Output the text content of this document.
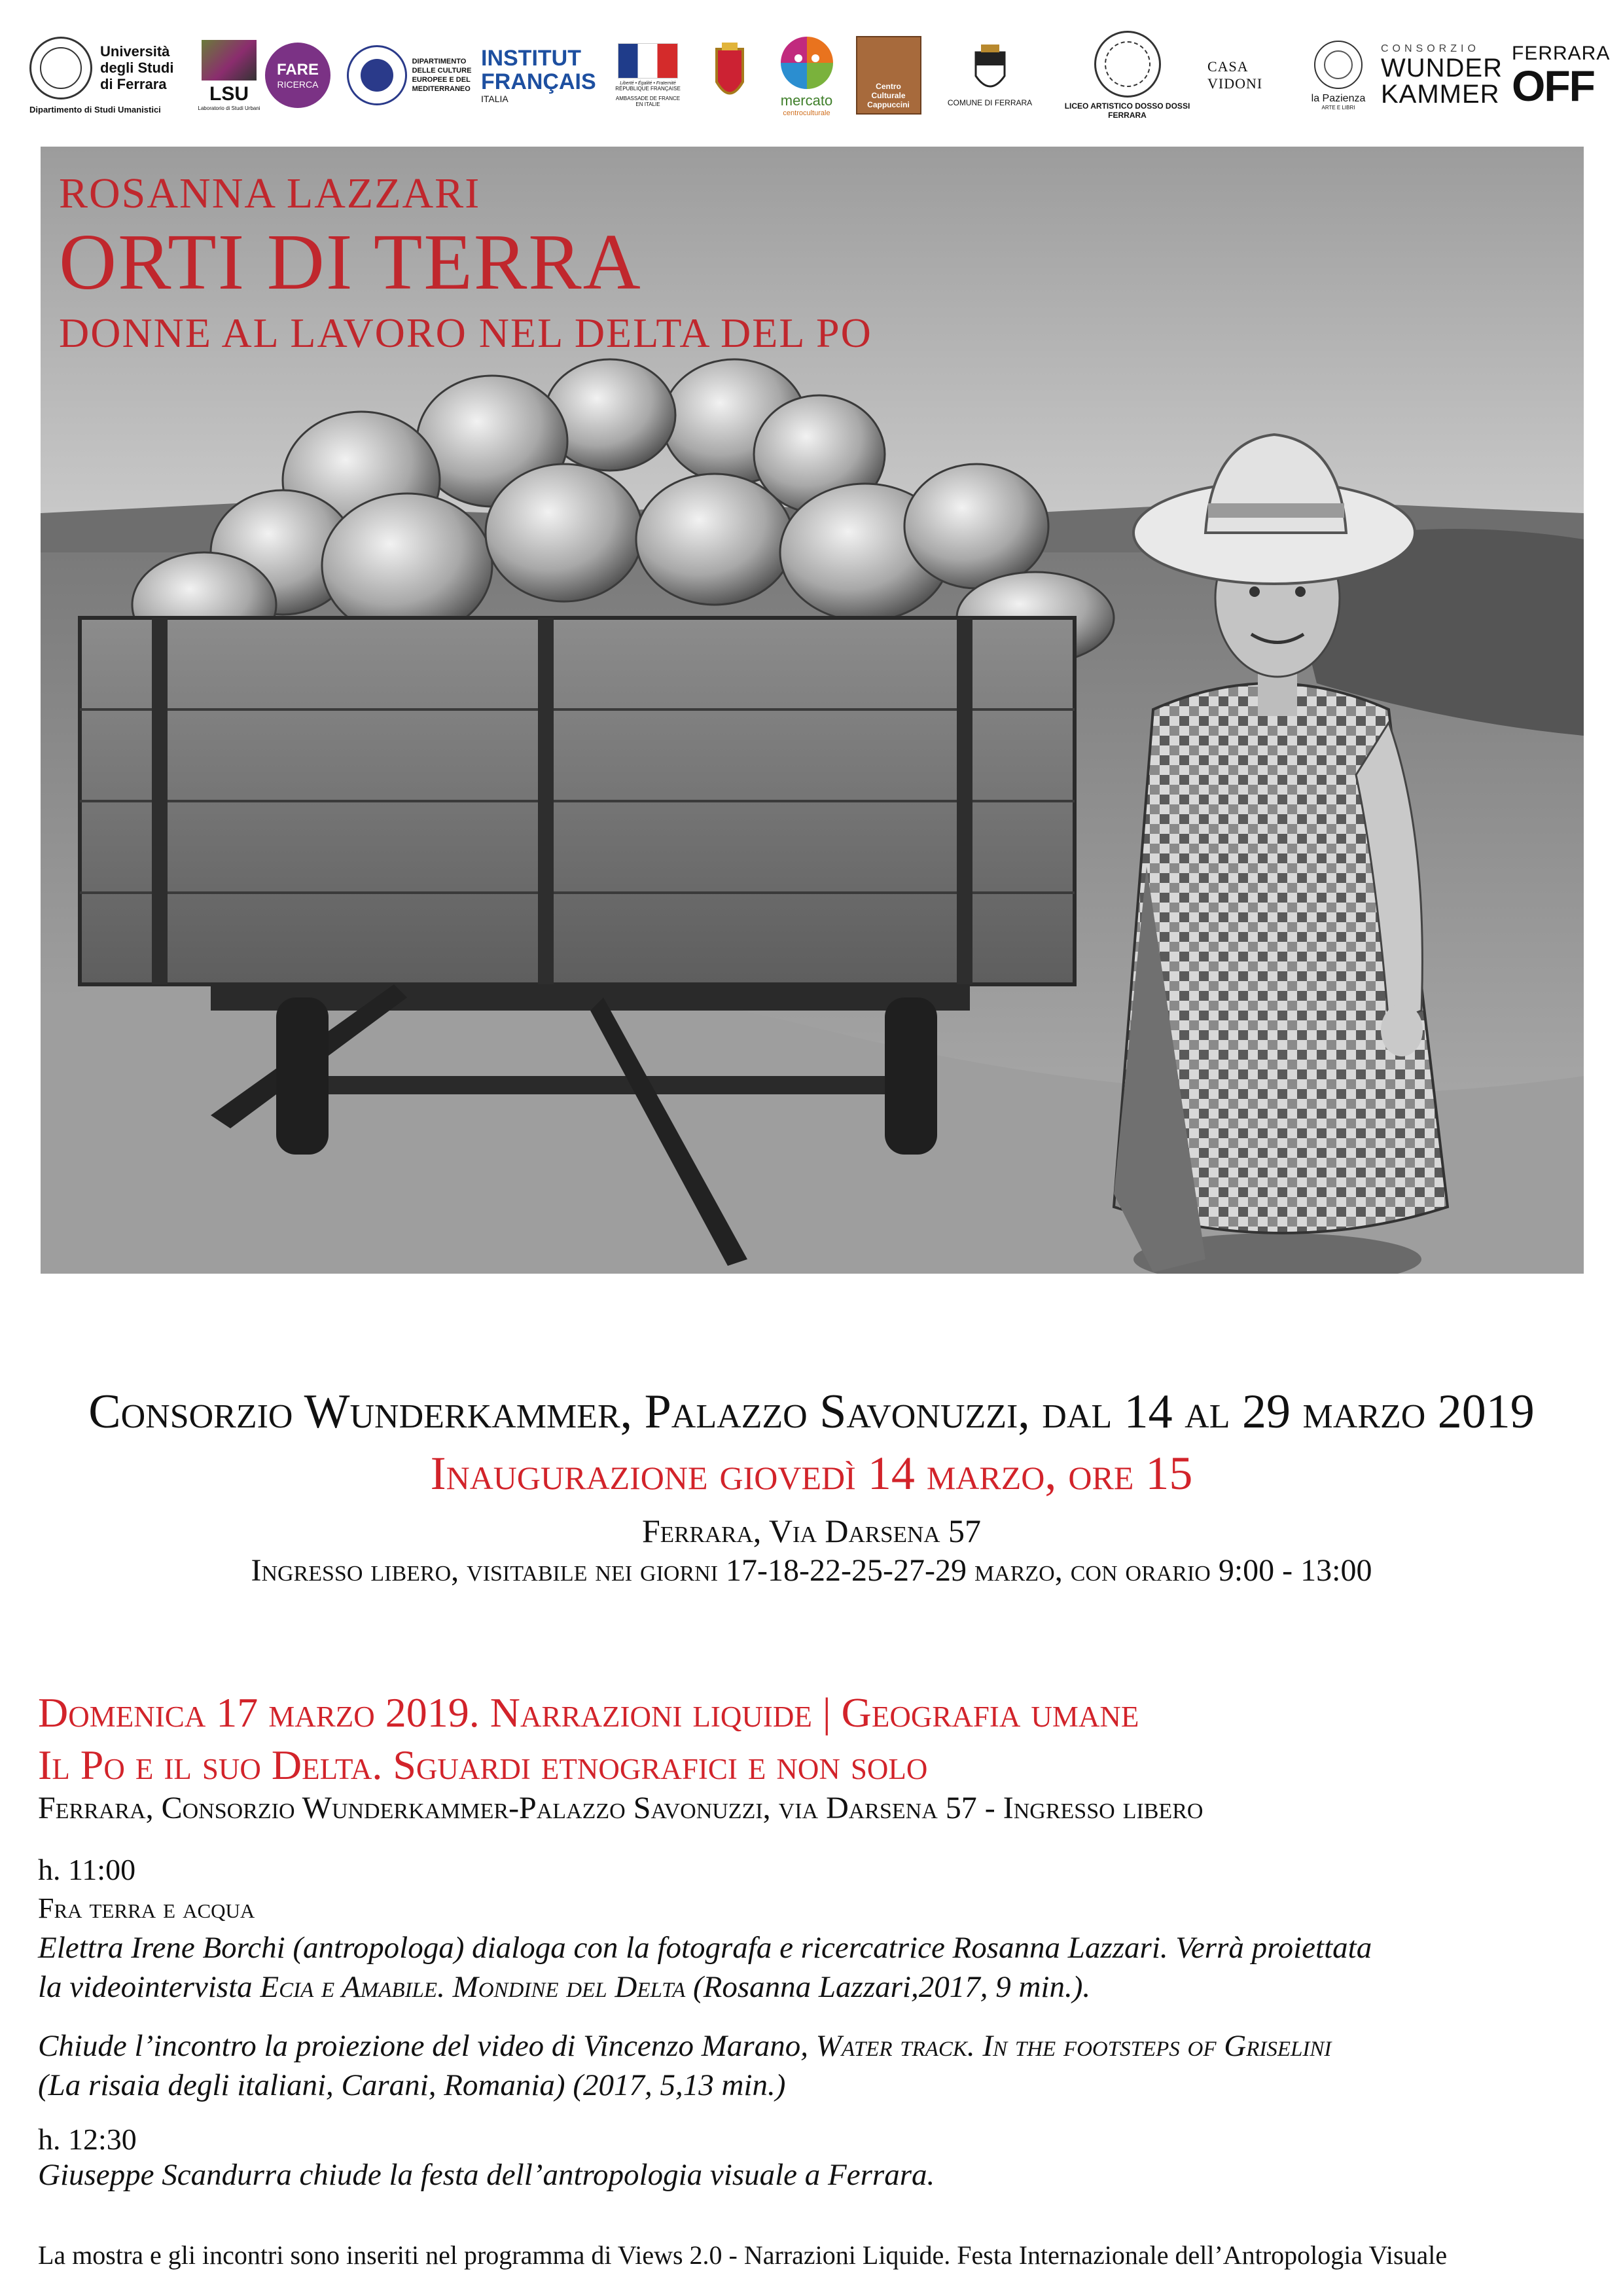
Università
degli Studi
di Ferrara
Dipartimento di Studi Umanistici
LSU
Laboratorio di Studi Urbani
FARE
RICERCA
DIPARTIMENTO
DELLE CULTURE
EUROPEE E DEL
MEDITERRANEO
INSTITUT
FRANÇAIS
ITALIA
Liberté • Égalité • Fraternité
RÉPUBLIQUE FRANÇAISE
AMBASSADE DE FRANCE
EN ITALIE	mercato
centroculturale
Centro
Culturale
Cappuccini	COMUNE DI FERRARA	LICEO ARTISTICO DOSSO DOSSI
FERRARA
CASA VIDONI
la Pazienza
ARTE E LIBRI
CONSORZIO
WUNDER
KAMMER
FERRARA
OFF

ROSANNA LAZZARI

ORTI DI TERRA

DONNE AL LAVORO NEL DELTA DEL PO

Consorzio Wunderkammer, Palazzo Savonuzzi, dal 14 al 29 marzo 2019
Inaugurazione giovedì 14 marzo, ore 15
Ferrara, Via Darsena 57
Ingresso libero, visitabile nei giorni 17-18-22-25-27-29 marzo, con orario 9:00 - 13:00
Domenica 17 marzo 2019. Narrazioni liquide | Geografia umane
Il Po e il suo Delta. Sguardi etnografici e non solo
Ferrara, Consorzio Wunderkammer-Palazzo Savonuzzi, via Darsena 57 - Ingresso libero
h. 11:00
Fra terra e acqua
Elettra Irene Borchi (antropologa) dialoga con la fotografa e ricercatrice Rosanna Lazzari. Verrà proiettata
la videointervista Ecia e Amabile. Mondine del Delta (Rosanna Lazzari,2017, 9 min.).
Chiude l’incontro la proiezione del video di Vincenzo Marano, Water track. In the footsteps of Griselini
(La risaia degli italiani, Carani, Romania) (2017, 5,13 min.)
h. 12:30
Giuseppe Scandurra chiude la festa dell’antropologia visuale a Ferrara.
La mostra e gli incontri sono inseriti nel programma di Views 2.0 - Narrazioni Liquide. Festa Internazionale dell’Antropologia Visuale
